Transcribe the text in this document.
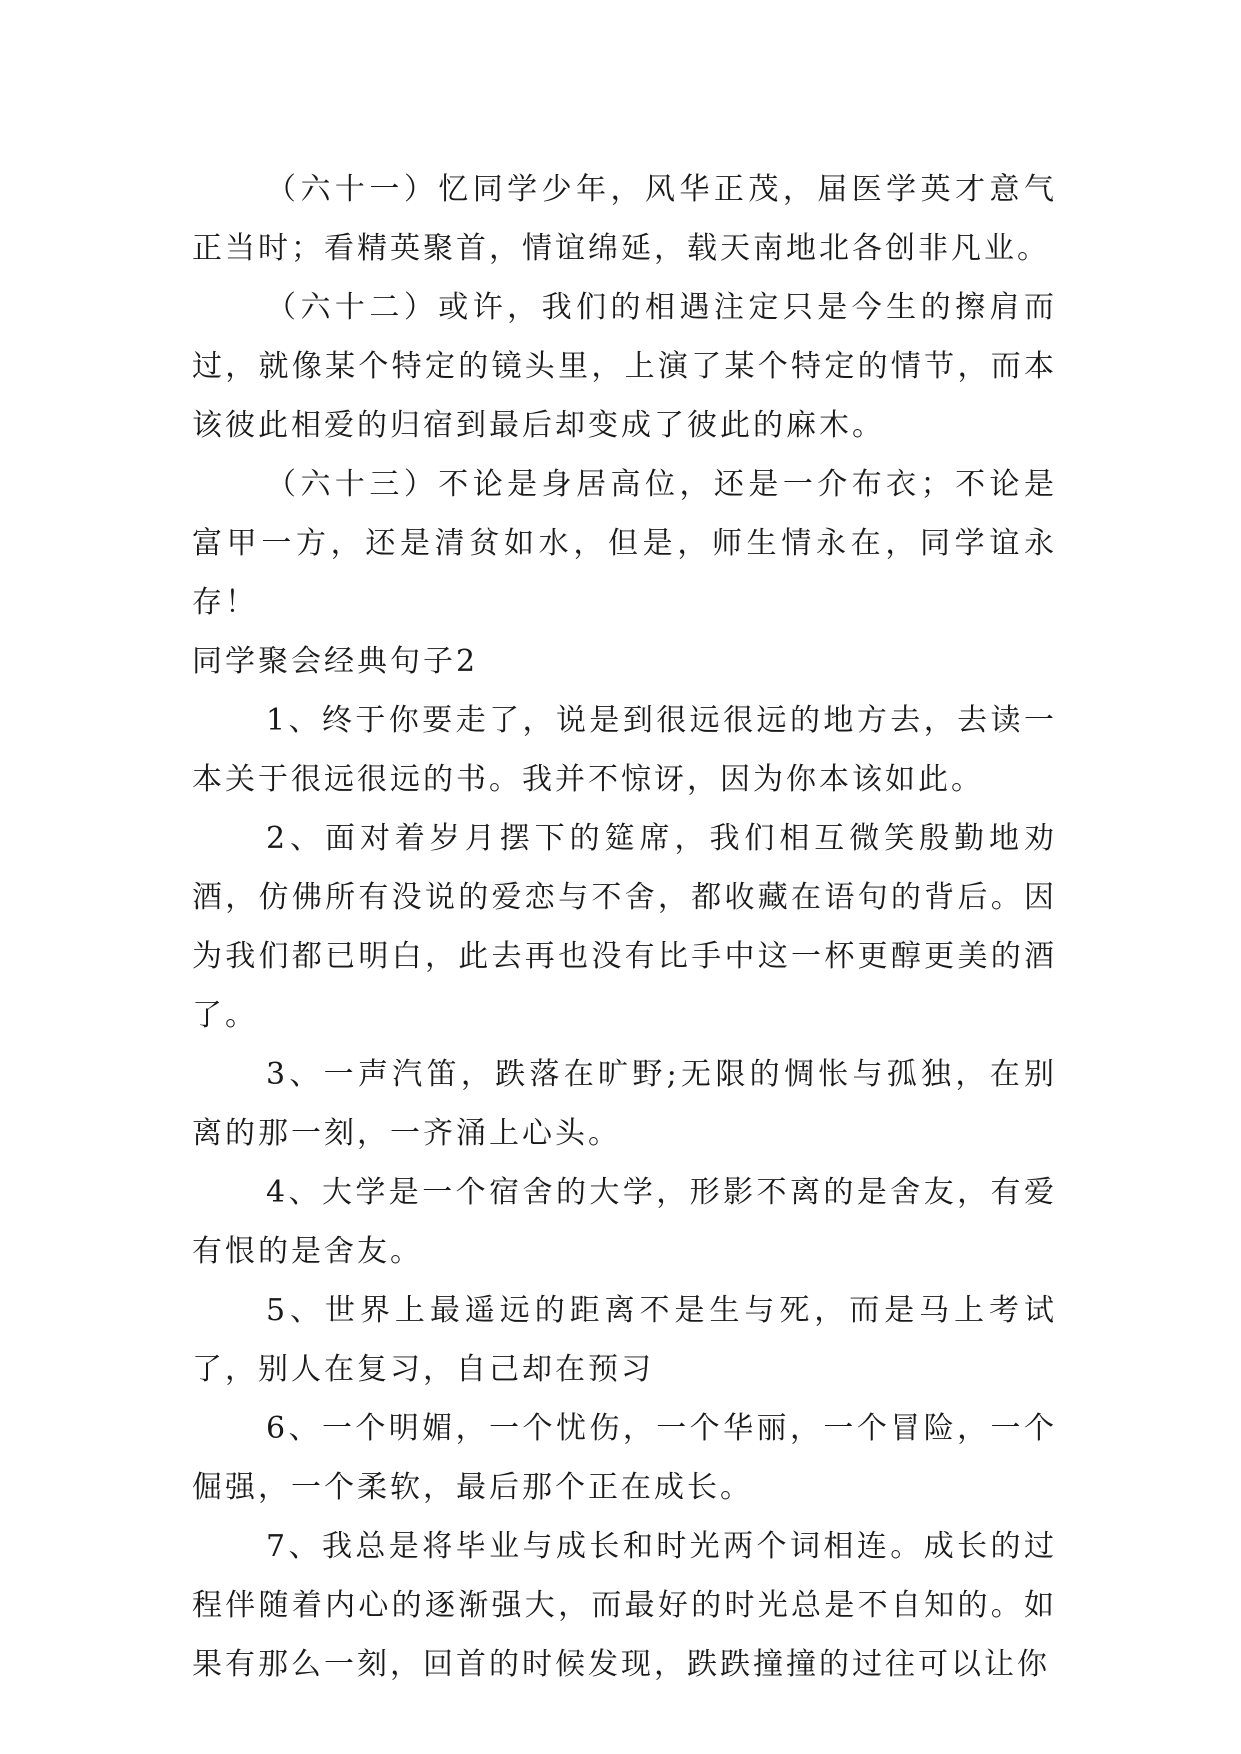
（六十一）忆同学少年，风华正茂，届医学英才意气正当时；看精英聚首，情谊绵延，载天南地北各创非凡业。

（六十二）或许，我们的相遇注定只是今生的擦肩而过，就像某个特定的镜头里，上演了某个特定的情节，而本该彼此相爱的归宿到最后却变成了彼此的麻木。

（六十三）不论是身居高位，还是一介布衣；不论是富甲一方，还是清贫如水，但是，师生情永在，同学谊永存！

同学聚会经典句子2

1、终于你要走了，说是到很远很远的地方去，去读一本关于很远很远的书。我并不惊讶，因为你本该如此。

2、面对着岁月摆下的筵席，我们相互微笑殷勤地劝酒，仿佛所有没说的爱恋与不舍，都收藏在语句的背后。因为我们都已明白，此去再也没有比手中这一杯更醇更美的酒了。

3、一声汽笛，跌落在旷野;无限的惆怅与孤独，在别离的那一刻，一齐涌上心头。

4、大学是一个宿舍的大学，形影不离的是舍友，有爱有恨的是舍友。

5、世界上最遥远的距离不是生与死，而是马上考试了，别人在复习，自己却在预习

6、一个明媚，一个忧伤，一个华丽，一个冒险，一个倔强，一个柔软，最后那个正在成长。

7、我总是将毕业与成长和时光两个词相连。成长的过程伴随着内心的逐渐强大，而最好的时光总是不自知的。如果有那么一刻，回首的时候发现，跌跌撞撞的过往可以让你
